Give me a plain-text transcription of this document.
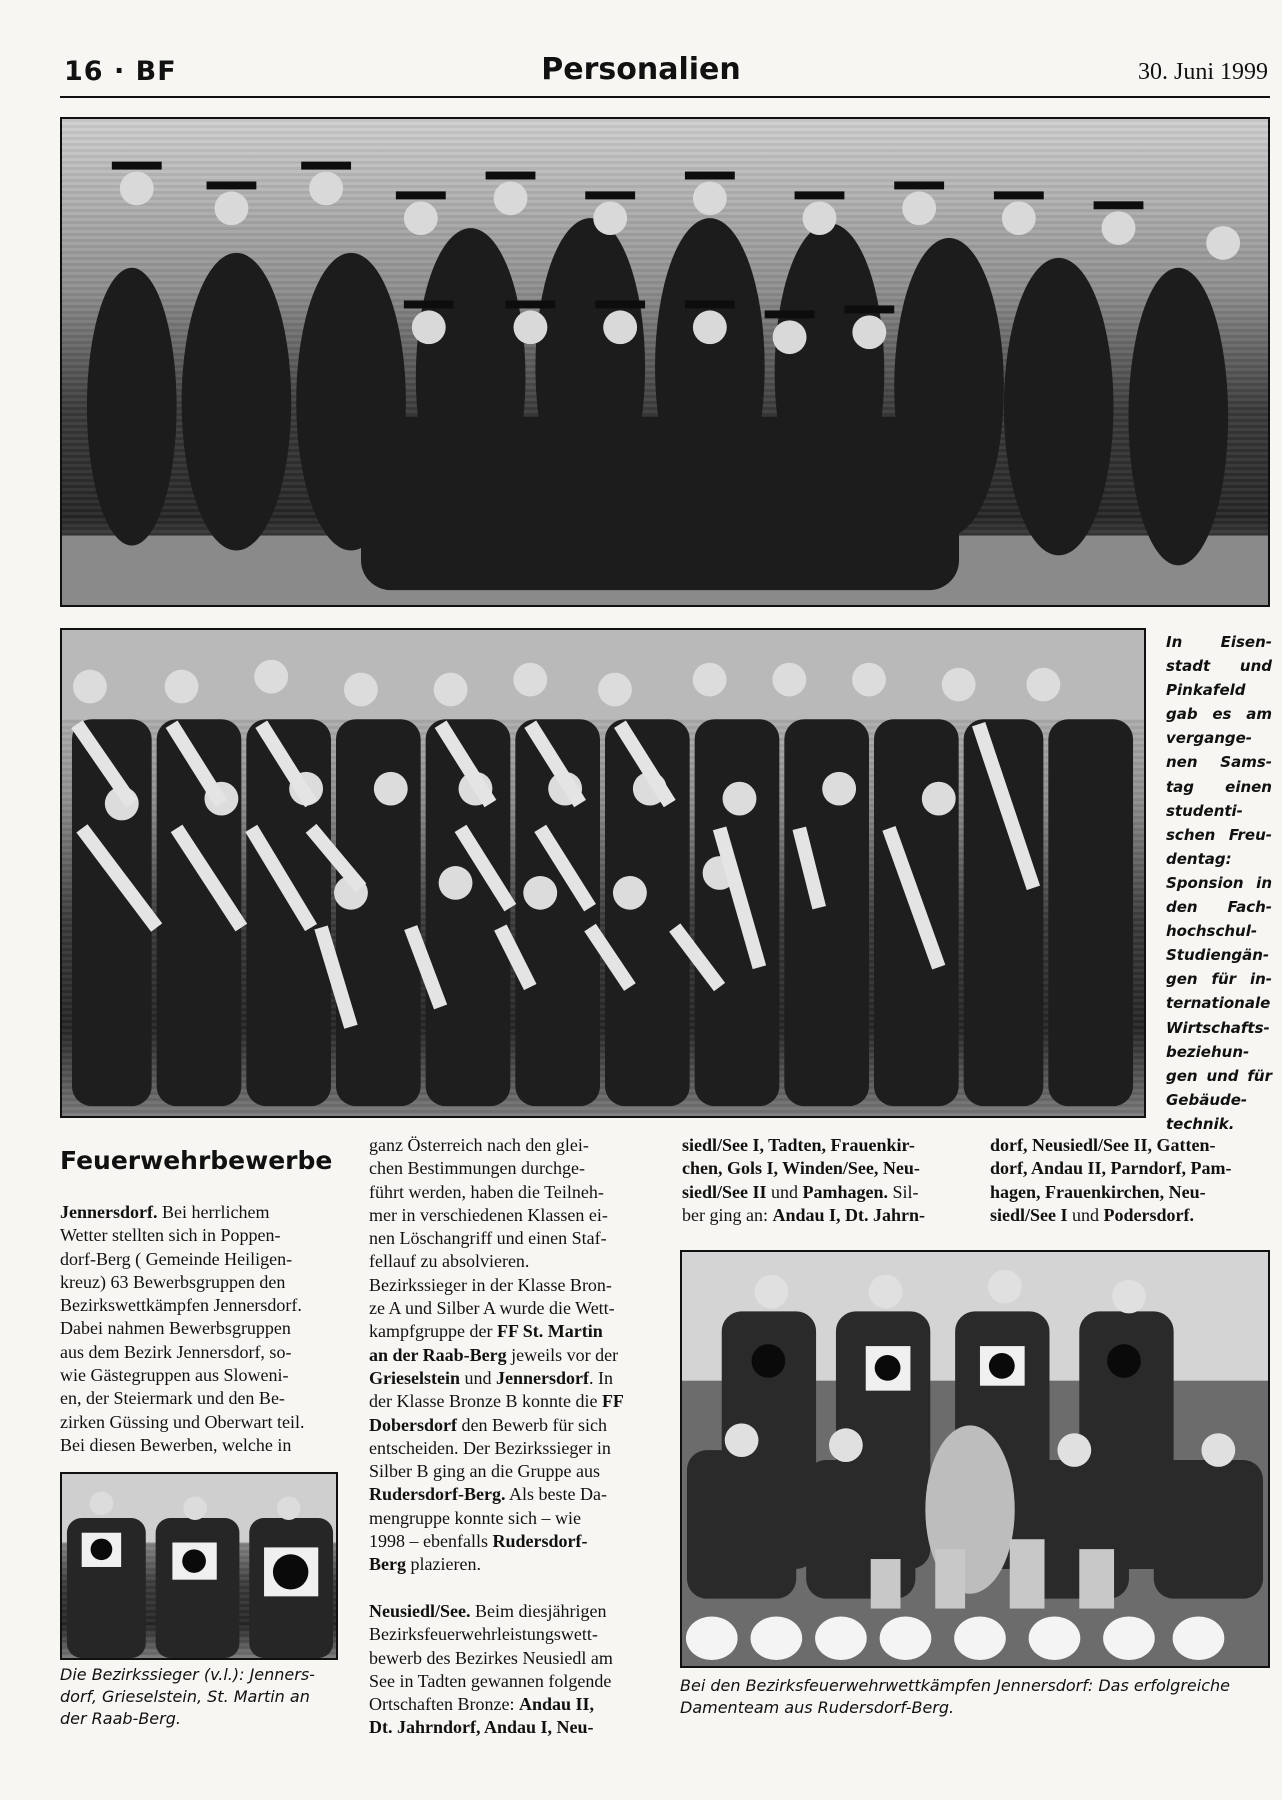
16 · BF	Personalien	30. Juni 1999
In Eisen-
stadt und
Pinkafeld
gab es am
vergange-
nen Sams-
tag einen
studenti-
schen Freu-
dentag:
Sponsion in
den Fach-
hochschul-
Studiengän-
gen für in-
ternationale
Wirtschafts-
beziehun-
gen und für
Gebäude-
technik.
Feuerwehrbewerbe
Jennersdorf. Bei herrlichem
Wetter stellten sich in Poppen-
dorf-Berg ( Gemeinde Heiligen-
kreuz) 63 Bewerbsgruppen den
Bezirkswettkämpfen Jennersdorf.
Dabei nahmen Bewerbsgruppen
aus dem Bezirk Jennersdorf, so-
wie Gästegruppen aus Sloweni-
en, der Steiermark und den Be-
zirken Güssing und Oberwart teil.
Bei diesen Bewerben, welche in
Die Bezirkssieger (v.l.): Jenners-
dorf, Grieselstein, St. Martin an
der Raab-Berg.
ganz Österreich nach den glei-
chen Bestimmungen durchge-
führt werden, haben die Teilneh-
mer in verschiedenen Klassen ei-
nen Löschangriff und einen Staf-
fellauf zu absolvieren.
Bezirkssieger in der Klasse Bron-
ze A und Silber A wurde die Wett-
kampfgruppe der FF St. Martin
an der Raab-Berg jeweils vor der
Grieselstein und Jennersdorf. In
der Klasse Bronze B konnte die FF
Dobersdorf den Bewerb für sich
entscheiden. Der Bezirkssieger in
Silber B ging an die Gruppe aus
Rudersdorf-Berg. Als beste Da-
mengruppe konnte sich – wie
1998 – ebenfalls Rudersdorf-
Berg plazieren.

Neusiedl/See. Beim diesjährigen
Bezirksfeuerwehrleistungswett-
bewerb des Bezirkes Neusiedl am
See in Tadten gewannen folgende
Ortschaften Bronze: Andau II,
Dt. Jahrndorf, Andau I, Neu-
siedl/See I, Tadten, Frauenkir-
chen, Gols I, Winden/See, Neu-
siedl/See II und Pamhagen. Sil-
ber ging an: Andau I, Dt. Jahrn-
dorf, Neusiedl/See II, Gatten-
dorf, Andau II, Parndorf, Pam-
hagen, Frauenkirchen, Neu-
siedl/See I und Podersdorf.
Bei den Bezirksfeuerwehrwettkämpfen Jennersdorf: Das erfolgreiche
Damenteam aus Rudersdorf-Berg.
